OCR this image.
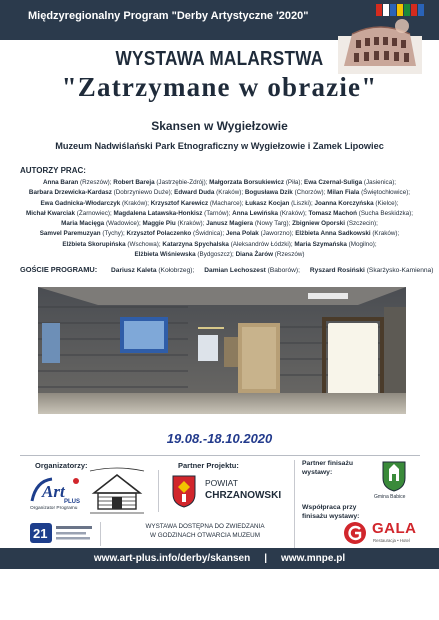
Międzyregionalny Program "Derby Artystyczne '2020"
WYSTAWA MALARSTWA
"Zatrzymane w obrazie"
Skansen w Wygiełzowie
Muzeum Nadwiślański Park Etnograficzny w Wygiełzowie i Zamek Lipowiec
AUTORZY PRAC:
Anna Baran (Rzeszów); Robert Bareja (Jastrzębie-Zdrój); Małgorzata Borsukiewicz (Piła); Ewa Czernal-Suliga (Jasienica);
Barbara Drzewicka-Kardasz (Dobrzyniewo Duże); Edward Duda (Kraków); Bogusława Dzik (Chorzów); Milan Fiala (Świętochłowice);
Ewa Gadnicka-Włodarczyk (Kraków); Krzysztof Karewicz (Macharce); Łukasz Kocjan (Liszki); Joanna Korczyńska (Kielce);
Michał Kwarciak (Żarnowiec); Magdalena Latawska-Honkisz (Tarnów); Anna Lewińska (Kraków); Tomasz Machoń (Sucha Beskidzka);
Maria Macięga (Wadowice); Maggie Piu (Kraków); Janusz Magiera (Nowy Targ); Zbigniew Oporski (Szczecin);
Samvel Paremuzyan (Tychy); Krzysztof Polaczenko (Świdnica); Jena Polak (Jaworzno); Elżbieta Anna Sadkowski (Kraków);
Elżbieta Skorupińska (Wschowa); Katarzyna Spychalska (Aleksandrów Łódzki); Maria Szymańska (Mogilno);
Elżbieta Wiśniewska (Bydgoszcz); Diana Żarów (Rzeszów)
GOŚCIE PROGRAMU: Dariusz Kaleta (Kołobrzeg); Damian Lechoszest (Baborów); Ryszard Rosiński (Skarżysko-Kamienna)
19.08.-18.10.2020
Organizatorzy:
Art
PLUS
Organizator Programu
Partner Projektu:
POWIAT
CHRZANOWSKI
Partner finisażu wystawy:
Gmina Babice
Współpraca przy finisażu wystawy:
GALA
Restauracja • Hotel
21	WYSTAWA DOSTĘPNA DO ZWIEDZANIA
W GODZINACH OTWARCIA MUZEUM
www.art-plus.info/derby/skansen | www.mnpe.pl
